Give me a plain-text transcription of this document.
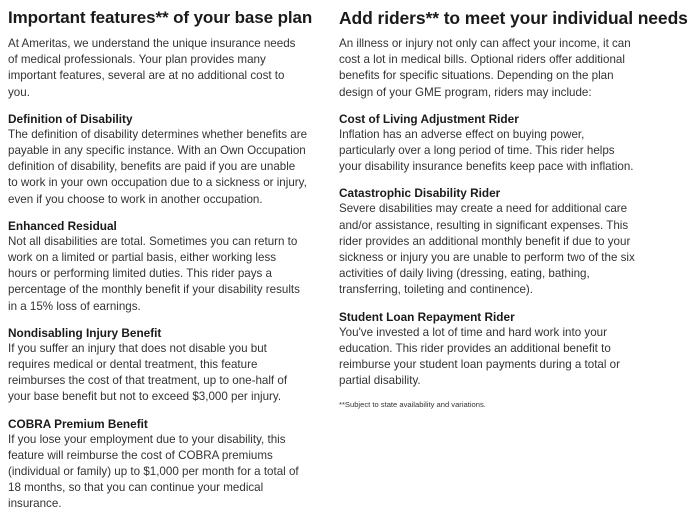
Important features** of your base plan

At Ameritas, we understand the unique insurance needs of medical professionals. Your plan provides many important features, several are at no additional cost to you.

Definition of Disability

The definition of disability determines whether benefits are payable in any specific instance. With an Own Occupation definition of disability, benefits are paid if you are unable to work in your own occupation due to a sickness or injury, even if you choose to work in another occupation.

Enhanced Residual

Not all disabilities are total. Sometimes you can return to work on a limited or partial basis, either working less hours or performing limited duties. This rider pays a percentage of the monthly benefit if your disability results in a 15% loss of earnings.

Nondisabling Injury Benefit

If you suffer an injury that does not disable you but requires medical or dental treatment, this feature reimburses the cost of that treatment, up to one-half of your base benefit but not to exceed $3,000 per injury.

COBRA Premium Benefit

If you lose your employment due to your disability, this feature will reimburse the cost of COBRA premiums (individual or family) up to $1,000 per month for a total of 18 months, so that you can continue your medical insurance.

Add riders** to meet your individual needs

An illness or injury not only can affect your income, it can cost a lot in medical bills. Optional riders offer additional benefits for specific situations. Depending on the plan design of your GME program, riders may include:

Cost of Living Adjustment Rider

Inflation has an adverse effect on buying power, particularly over a long period of time. This rider helps your disability insurance benefits keep pace with inflation.

Catastrophic Disability Rider

Severe disabilities may create a need for additional care and/or assistance, resulting in significant expenses. This rider provides an additional monthly benefit if due to your sickness or injury you are unable to perform two of the six activities of daily living (dressing, eating, bathing, transferring, toileting and continence).

Student Loan Repayment Rider

You've invested a lot of time and hard work into your education. This rider provides an additional benefit to reimburse your student loan payments during a total or partial disability.

**Subject to state availability and variations.
